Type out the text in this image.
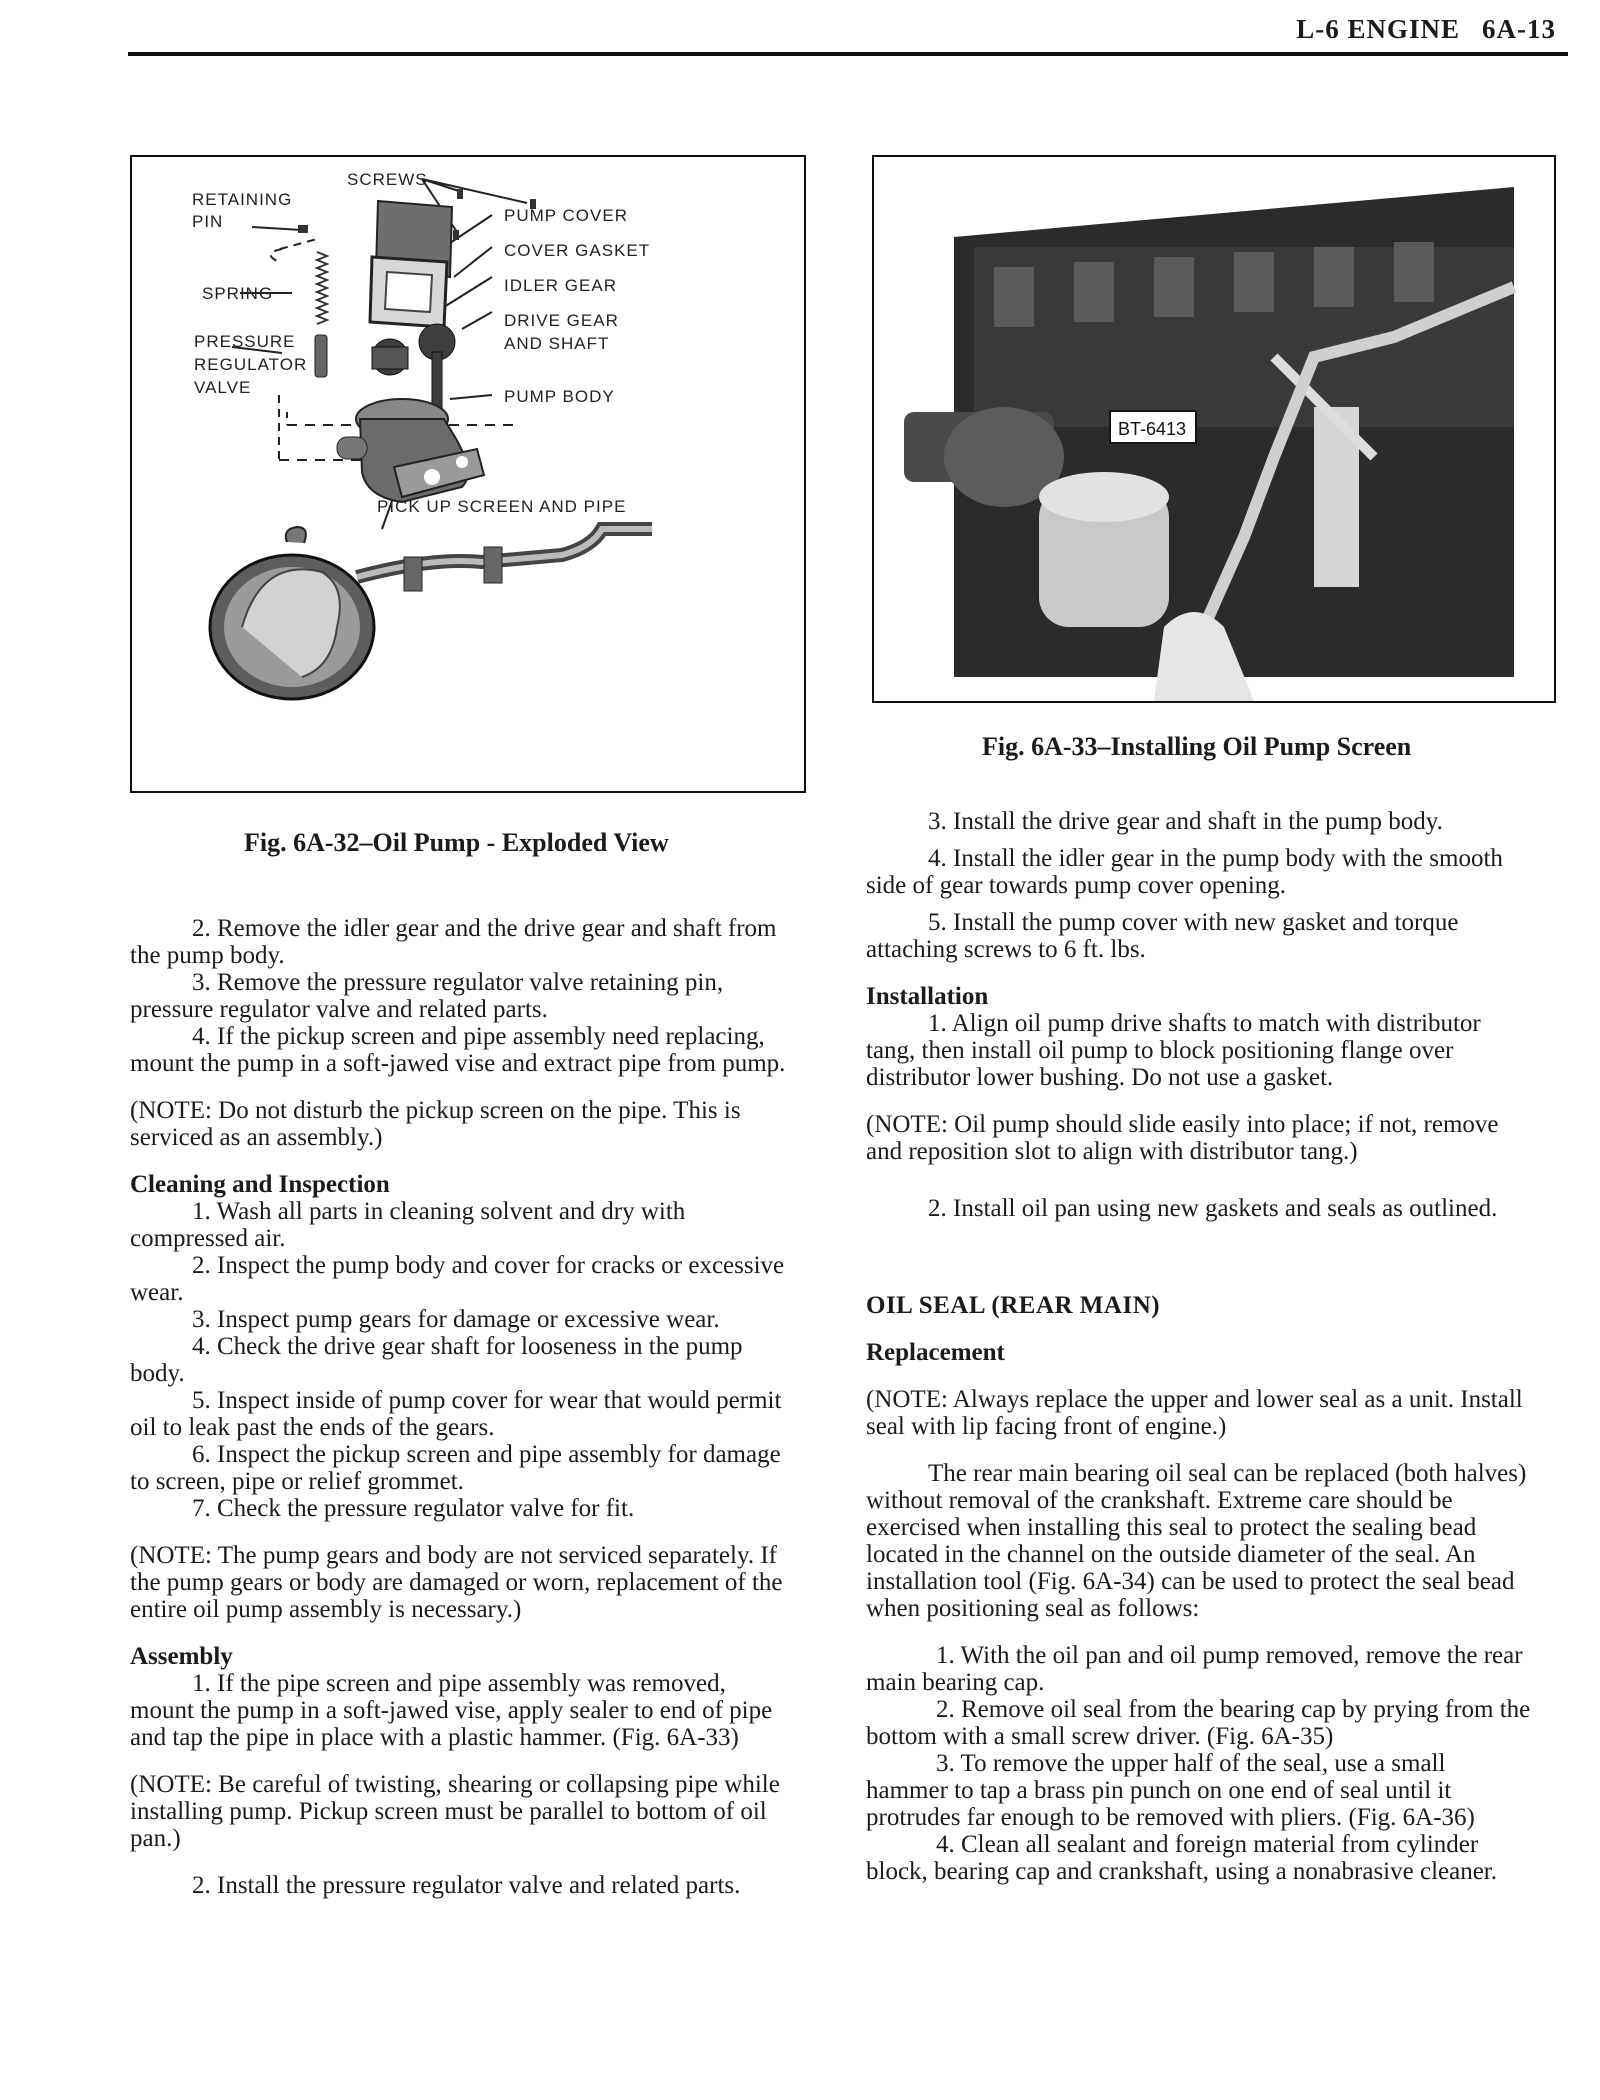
L-6 ENGINE 6A-13
SCREWS
RETAINING
PIN
SPRING
PRESSURE
REGULATOR
VALVE
PUMP COVER
COVER GASKET
IDLER GEAR
DRIVE GEAR
AND SHAFT
PUMP BODY
PICK UP SCREEN AND PIPE
Fig. 6A-32–Oil Pump - Exploded View
BT-6413
Fig. 6A-33–Installing Oil Pump Screen

2. Remove the idler gear and the drive gear and shaft from the pump body.

3. Remove the pressure regulator valve retaining pin, pressure regulator valve and related parts.

4. If the pickup screen and pipe assembly need replacing, mount the pump in a soft-jawed vise and extract pipe from pump.

(NOTE: Do not disturb the pickup screen on the pipe. This is serviced as an assembly.)

Cleaning and Inspection

1. Wash all parts in cleaning solvent and dry with compressed air.

2. Inspect the pump body and cover for cracks or excessive wear.

3. Inspect pump gears for damage or excessive wear.

4. Check the drive gear shaft for looseness in the pump body.

5. Inspect inside of pump cover for wear that would permit oil to leak past the ends of the gears.

6. Inspect the pickup screen and pipe assembly for damage to screen, pipe or relief grommet.

7. Check the pressure regulator valve for fit.

(NOTE: The pump gears and body are not serviced separately. If the pump gears or body are damaged or worn, replacement of the entire oil pump assembly is necessary.)

Assembly

1. If the pipe screen and pipe assembly was removed, mount the pump in a soft-jawed vise, apply sealer to end of pipe and tap the pipe in place with a plastic hammer. (Fig. 6A-33)

(NOTE: Be careful of twisting, shearing or collapsing pipe while installing pump. Pickup screen must be parallel to bottom of oil pan.)

2. Install the pressure regulator valve and related parts.

3. Install the drive gear and shaft in the pump body.

4. Install the idler gear in the pump body with the smooth side of gear towards pump cover opening.

5. Install the pump cover with new gasket and torque attaching screws to 6 ft. lbs.

Installation

1. Align oil pump drive shafts to match with distributor tang, then install oil pump to block positioning flange over distributor lower bushing. Do not use a gasket.

(NOTE: Oil pump should slide easily into place; if not, remove and reposition slot to align with distributor tang.)

2. Install oil pan using new gaskets and seals as outlined.

OIL SEAL (REAR MAIN)

Replacement

(NOTE: Always replace the upper and lower seal as a unit. Install seal with lip facing front of engine.)

The rear main bearing oil seal can be replaced (both halves) without removal of the crankshaft. Extreme care should be exercised when installing this seal to protect the sealing bead located in the channel on the outside diameter of the seal. An installation tool (Fig. 6A-34) can be used to protect the seal bead when positioning seal as follows:

1. With the oil pan and oil pump removed, remove the rear main bearing cap.

2. Remove oil seal from the bearing cap by prying from the bottom with a small screw driver. (Fig. 6A-35)

3. To remove the upper half of the seal, use a small hammer to tap a brass pin punch on one end of seal until it protrudes far enough to be removed with pliers. (Fig. 6A-36)

4. Clean all sealant and foreign material from cylinder block, bearing cap and crankshaft, using a nonabrasive cleaner.
